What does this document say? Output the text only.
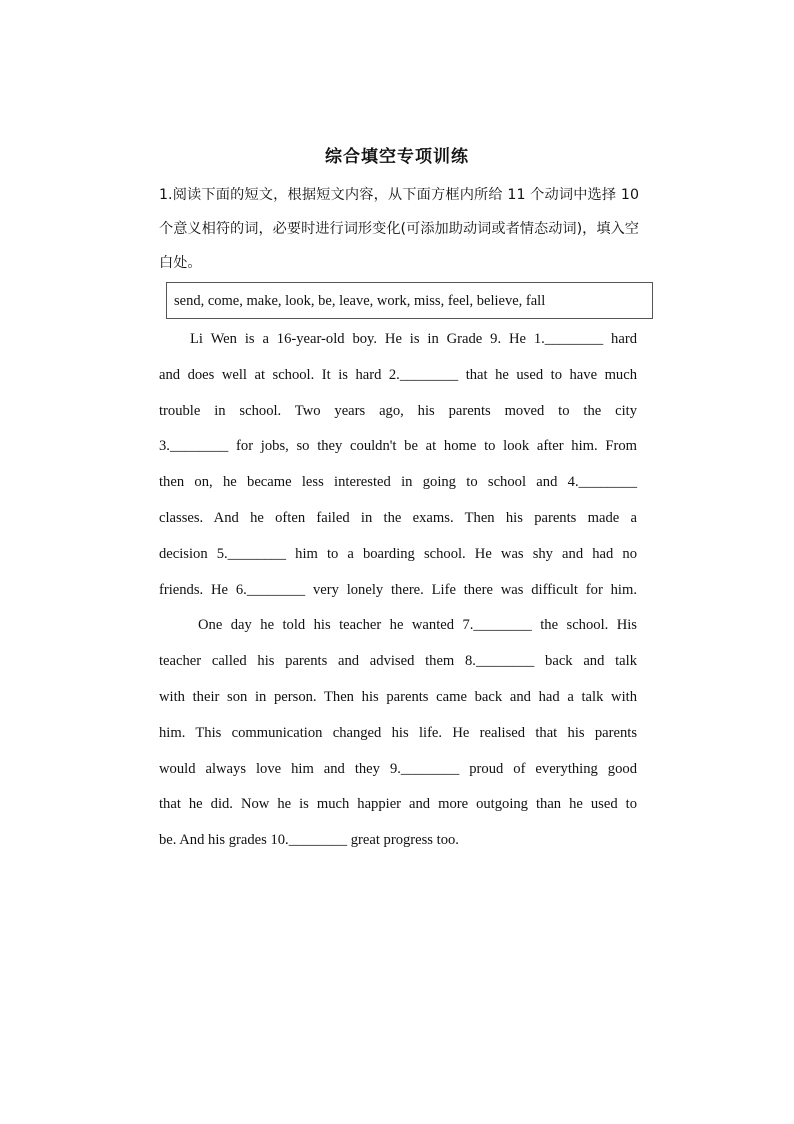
综合填空专项训练
1.阅读下面的短文，根据短文内容，从下面方框内所给 11 个动词中选择 10 个意义相符的词，必要时进行词形变化(可添加助动词或者情态动词)，填入空白处。
send, come, make, look, be, leave, work, miss, feel, believe, fall

Li Wen is a 16-year-old boy. He is in Grade 9. He 1.________ hard
and does well at school. It is hard 2.________ that he used to have much
trouble in school. Two years ago, his parents moved to the city
3.________ for jobs, so they couldn't be at home to look after him. From
then on, he became less interested in going to school and 4.________
classes. And he often failed in the exams. Then his parents made a
decision 5.________ him to a boarding school. He was shy and had no
friends. He 6.________ very lonely there. Life there was difficult for him.

One day he told his teacher he wanted 7.________ the school. His
teacher called his parents and advised them 8.________ back and talk
with their son in person. Then his parents came back and had a talk with
him. This communication changed his life. He realised that his parents
would always love him and they 9.________ proud of everything good
that he did. Now he is much happier and more outgoing than he used to
be. And his grades 10.________ great progress too.
